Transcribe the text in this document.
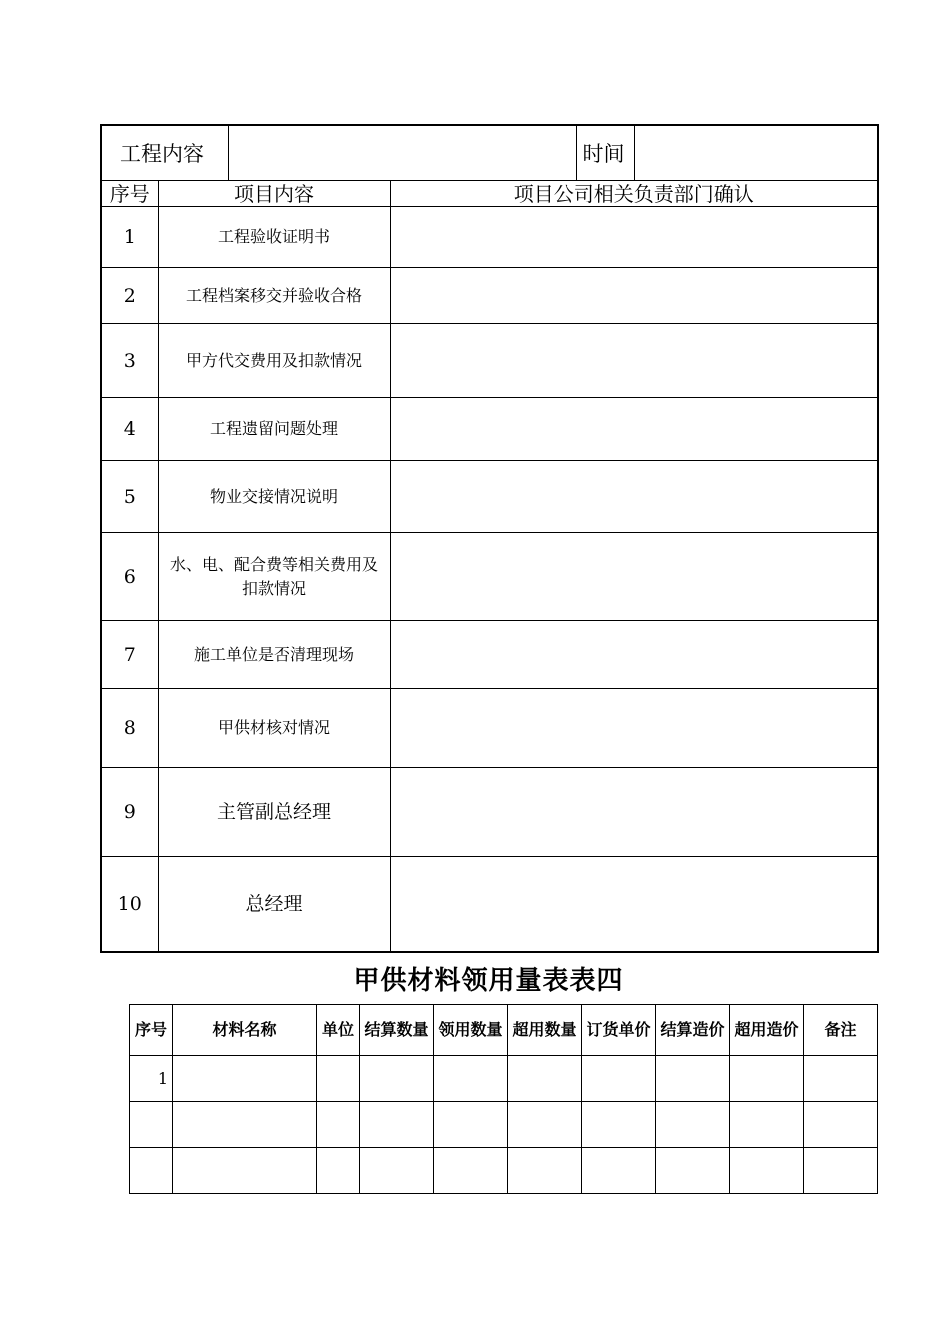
工程内容				时间	
序号	项目内容		项目公司相关负责部门确认		
1	工程验收证明书				
2	工程档案移交并验收合格				
3	甲方代交费用及扣款情况				
4	工程遗留问题处理				
5	物业交接情况说明				
6	水、电、配合费等相关费用及扣款情况				
7	施工单位是否清理现场				
8	甲供材核对情况				
9	主管副总经理				
10	总经理				
甲供材料领用量表表四
序号	材料名称	单位	结算数量	领用数量	超用数量	订货单价	结算造价	超用造价	备注
1									
